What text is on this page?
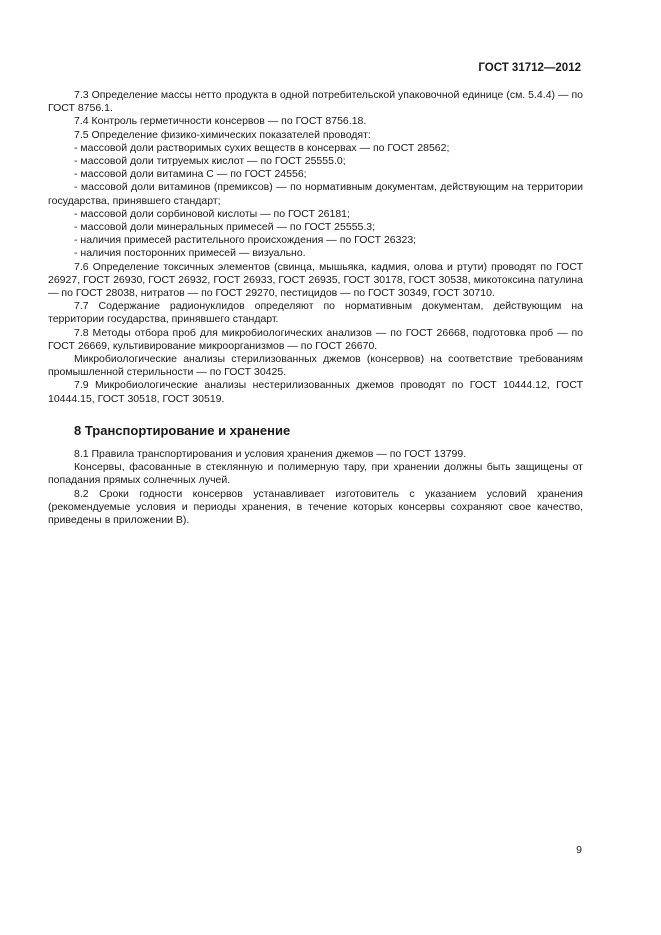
ГОСТ 31712—2012
7.3 Определение массы нетто продукта в одной потребительской упаковочной единице (см. 5.4.4) — по ГОСТ 8756.1.
7.4 Контроль герметичности консервов — по ГОСТ 8756.18.
7.5 Определение физико-химических показателей проводят:
- массовой доли растворимых сухих веществ в консервах — по ГОСТ 28562;
- массовой доли титруемых кислот — по ГОСТ 25555.0;
- массовой доли витамина С — по ГОСТ 24556;
- массовой доли витаминов (премиксов) — по нормативным документам, действующим на территории государства, принявшего стандарт;
- массовой доли сорбиновой кислоты — по ГОСТ 26181;
- массовой доли минеральных примесей — по ГОСТ 25555.3;
- наличия примесей растительного происхождения — по ГОСТ 26323;
- наличия посторонних примесей — визуально.
7.6 Определение токсичных элементов (свинца, мышьяка, кадмия, олова и ртути) проводят по ГОСТ 26927, ГОСТ 26930, ГОСТ 26932, ГОСТ 26933, ГОСТ 26935, ГОСТ 30178, ГОСТ 30538, микотоксина патулина — по ГОСТ 28038, нитратов — по ГОСТ 29270, пестицидов — по ГОСТ 30349, ГОСТ 30710.
7.7 Содержание радионуклидов определяют по нормативным документам, действующим на территории государства, принявшего стандарт.
7.8 Методы отбора проб для микробиологических анализов — по ГОСТ 26668, подготовка проб — по ГОСТ 26669, культивирование микроорганизмов — по ГОСТ 26670.
Микробиологические анализы стерилизованных джемов (консервов) на соответствие требованиям промышленной стерильности — по ГОСТ 30425.
7.9 Микробиологические анализы нестерилизованных джемов проводят по ГОСТ 10444.12, ГОСТ 10444.15, ГОСТ 30518, ГОСТ 30519.
8 Транспортирование и хранение
8.1 Правила транспортирования и условия хранения джемов — по ГОСТ 13799.
Консервы, фасованные в стеклянную и полимерную тару, при хранении должны быть защищены от попадания прямых солнечных лучей.
8.2 Сроки годности консервов устанавливает изготовитель с указанием условий хранения (рекомендуемые условия и периоды хранения, в течение которых консервы сохраняют свое качество, приведены в приложении В).
9
